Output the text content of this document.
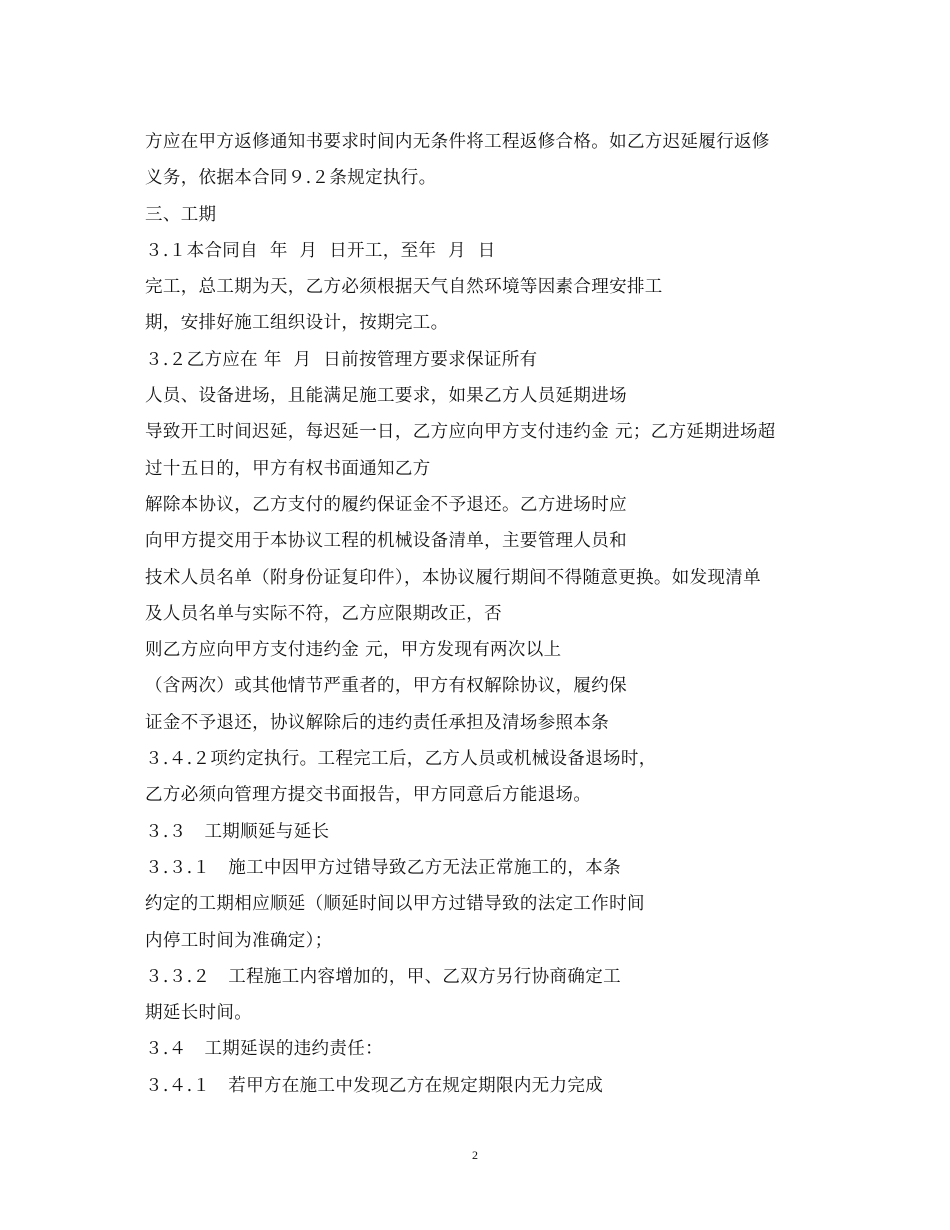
方应在甲方返修通知书要求时间内无条件将工程返修合格。如乙方迟延履行返修
义务，依据本合同９.２条规定执行。
三、工期
３.１本合同自  年  月  日开工，至年  月  日
完工，总工期为天，乙方必须根据天气自然环境等因素合理安排工
期，安排好施工组织设计，按期完工。
３.２乙方应在 年  月  日前按管理方要求保证所有
人员、设备进场，且能满足施工要求，如果乙方人员延期进场
导致开工时间迟延，每迟延一日，乙方应向甲方支付违约金 元；乙方延期进场超
过十五日的，甲方有权书面通知乙方
解除本协议，乙方支付的履约保证金不予退还。乙方进场时应
向甲方提交用于本协议工程的机械设备清单，主要管理人员和
技术人员名单（附身份证复印件），本协议履行期间不得随意更换。如发现清单
及人员名单与实际不符，乙方应限期改正，否
则乙方应向甲方支付违约金 元，甲方发现有两次以上
（含两次）或其他情节严重者的，甲方有权解除协议，履约保
证金不予退还，协议解除后的违约责任承担及清场参照本条
３.４.２项约定执行。工程完工后，乙方人员或机械设备退场时，
乙方必须向管理方提交书面报告，甲方同意后方能退场。
３.３　工期顺延与延长
３.３.１　施工中因甲方过错导致乙方无法正常施工的，本条
约定的工期相应顺延（顺延时间以甲方过错导致的法定工作时间
内停工时间为准确定）；
３.３.２　工程施工内容增加的，甲、乙双方另行协商确定工
期延长时间。
３.４　工期延误的违约责任：
３.４.１　若甲方在施工中发现乙方在规定期限内无力完成
2
